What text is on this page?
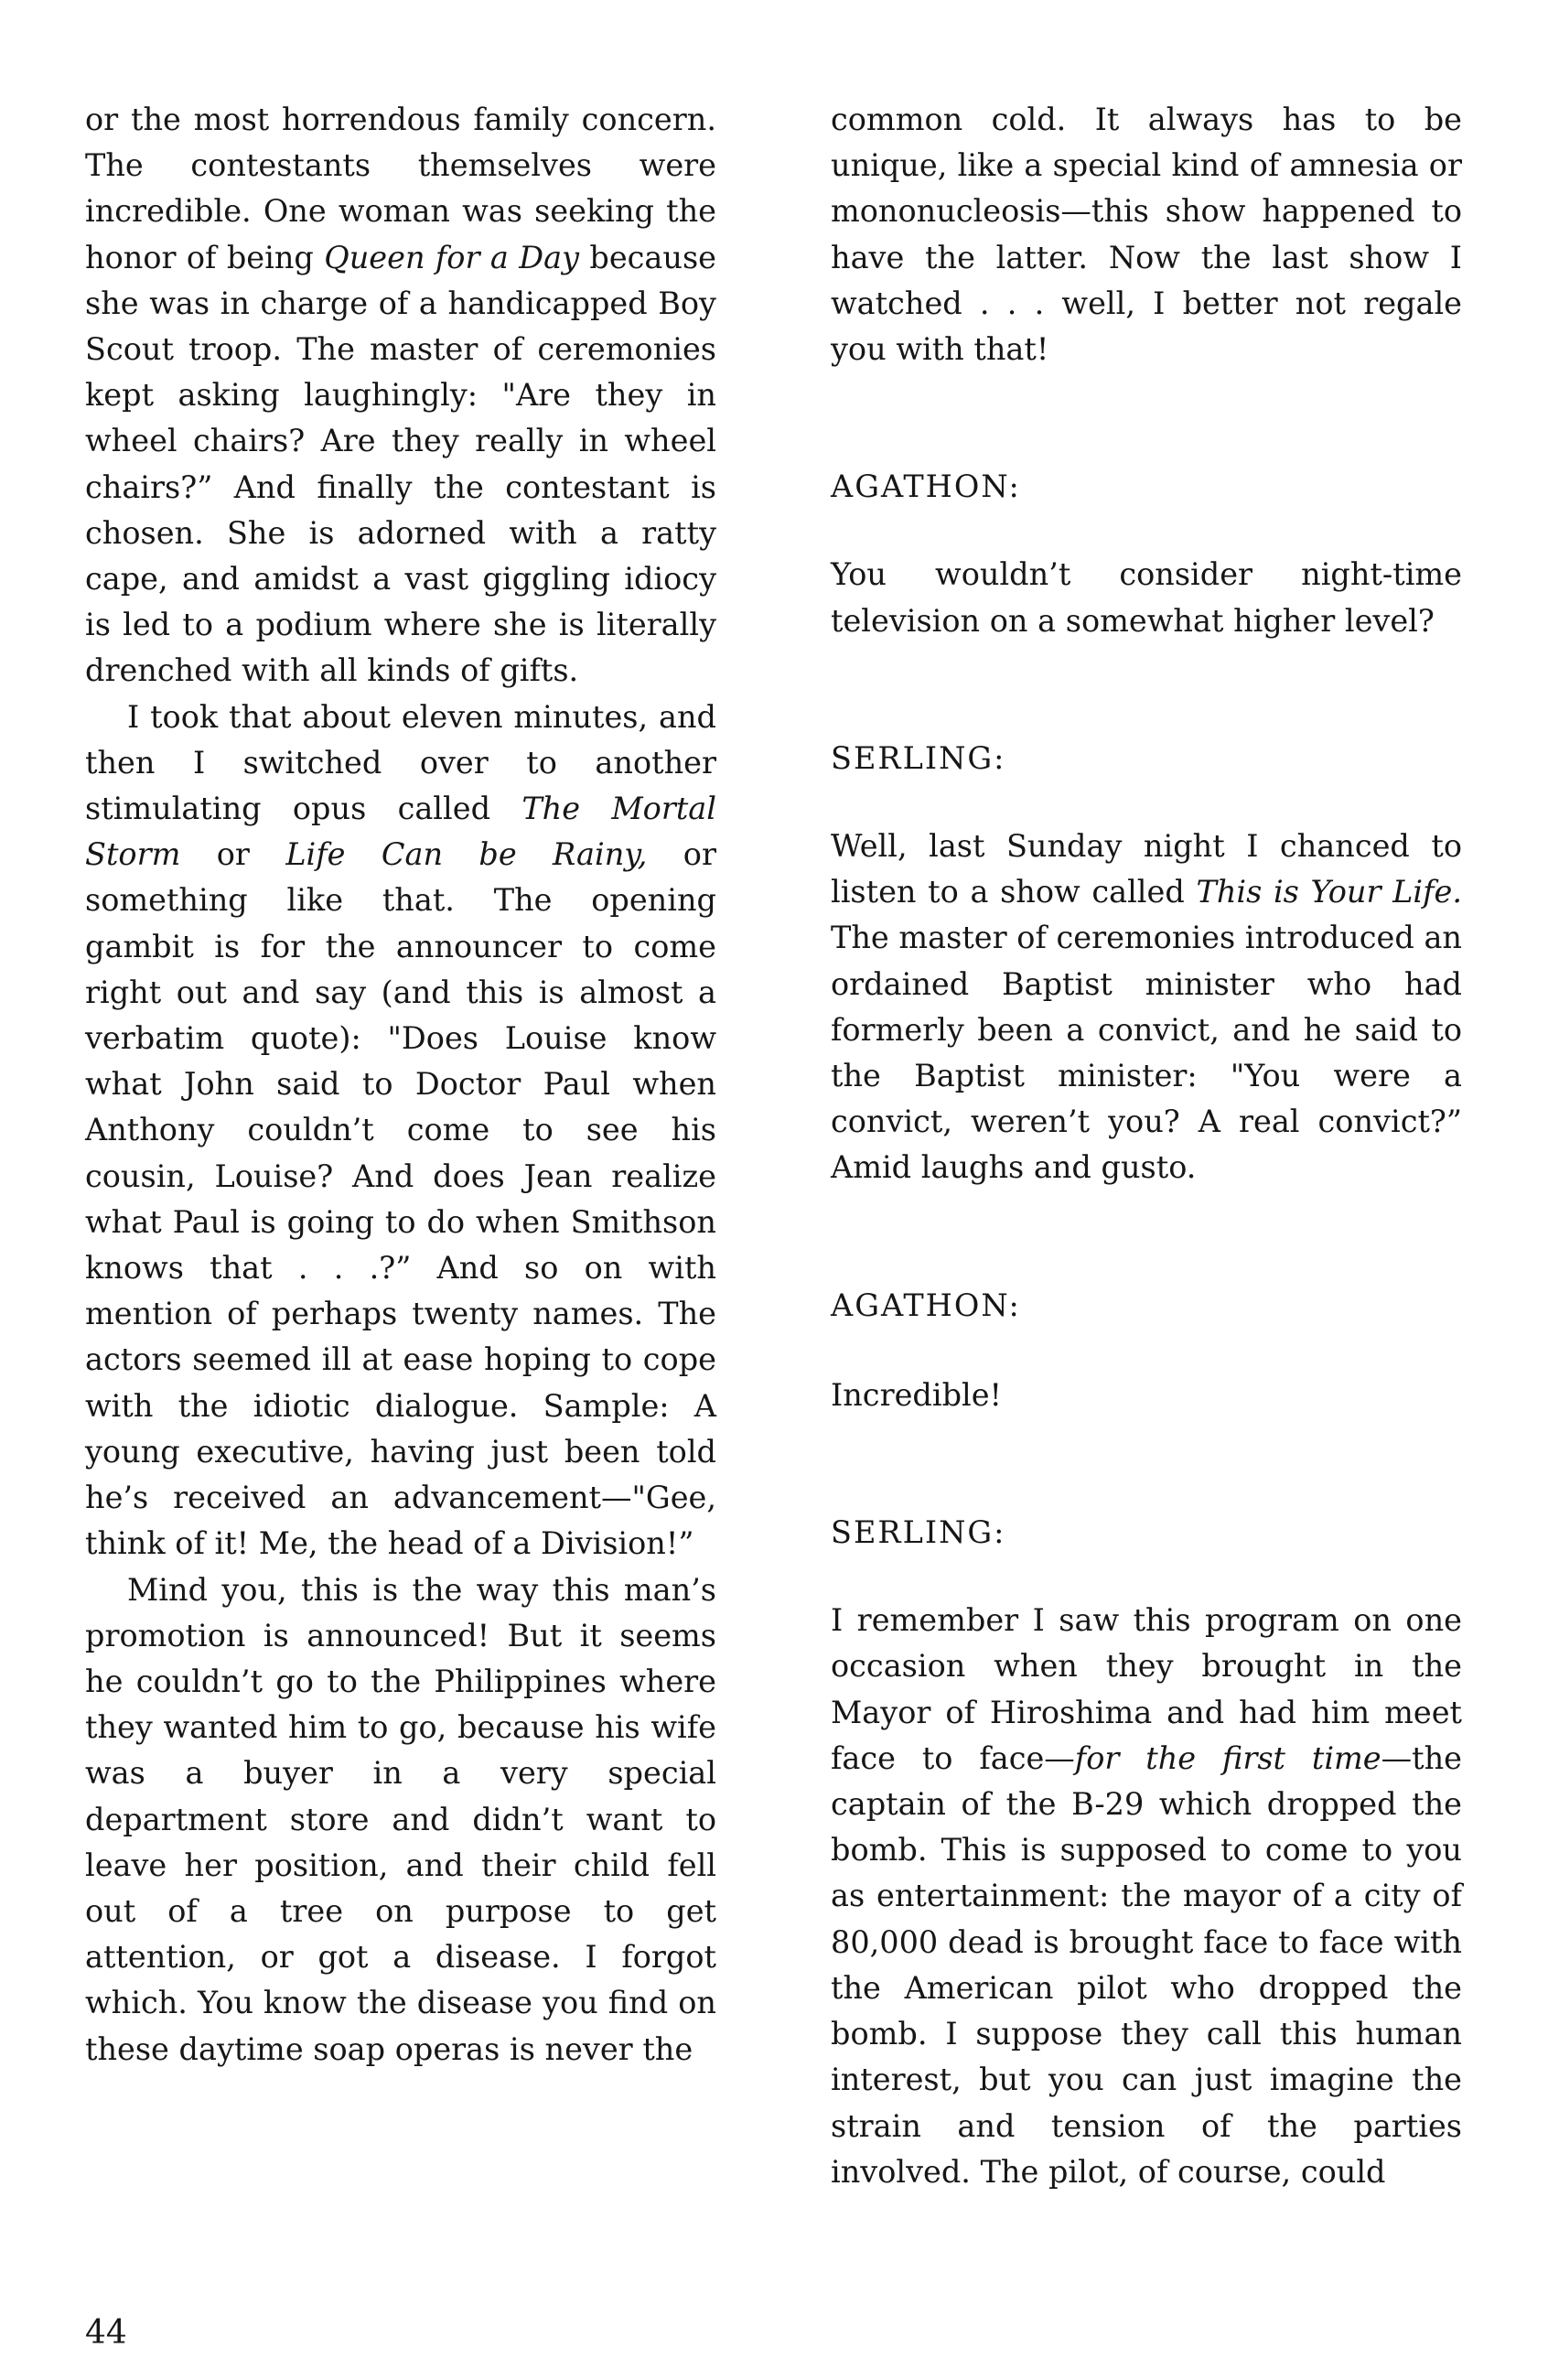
or the most horrendous family concern. The contestants themselves were incredible. One woman was seeking the honor of being Queen for a Day because she was in charge of a handicapped Boy Scout troop. The master of ceremonies kept asking laughingly: "Are they in wheel chairs? Are they really in wheel chairs?” And finally the contestant is chosen. She is adorned with a ratty cape, and amidst a vast giggling idiocy is led to a podium where she is literally drenched with all kinds of gifts.

I took that about eleven minutes, and then I switched over to another stimulating opus called The Mortal Storm or Life Can be Rainy, or something like that. The opening gambit is for the announcer to come right out and say (and this is almost a verbatim quote): "Does Louise know what John said to Doctor Paul when Anthony couldn’t come to see his cousin, Louise? And does Jean realize what Paul is going to do when Smithson knows that . . .?” And so on with mention of perhaps twenty names. The actors seemed ill at ease hoping to cope with the idiotic dialogue. Sample: A young executive, having just been told he’s received an advancement—"Gee, think of it! Me, the head of a Division!”

Mind you, this is the way this man’s promotion is announced! But it seems he couldn’t go to the Philippines where they wanted him to go, because his wife was a buyer in a very special department store and didn’t want to leave her position, and their child fell out of a tree on purpose to get attention, or got a disease. I forgot which. You know the disease you find on these daytime soap operas is never the

common cold. It always has to be unique, like a special kind of amnesia or mononucleosis—this show happened to have the latter. Now the last show I watched . . . well, I better not regale you with that!

AGATHON:

You wouldn’t consider night-time television on a somewhat higher level?

SERLING:

Well, last Sunday night I chanced to listen to a show called This is Your Life. The master of ceremonies introduced an ordained Baptist minister who had formerly been a convict, and he said to the Baptist minister: "You were a convict, weren’t you? A real convict?” Amid laughs and gusto.

AGATHON:

Incredible!

SERLING:

I remember I saw this program on one occasion when they brought in the Mayor of Hiroshima and had him meet face to face—for the first time—the captain of the B-29 which dropped the bomb. This is supposed to come to you as entertainment: the mayor of a city of 80,000 dead is brought face to face with the American pilot who dropped the bomb. I suppose they call this human interest, but you can just imagine the strain and tension of the parties involved. The pilot, of course, could

44
